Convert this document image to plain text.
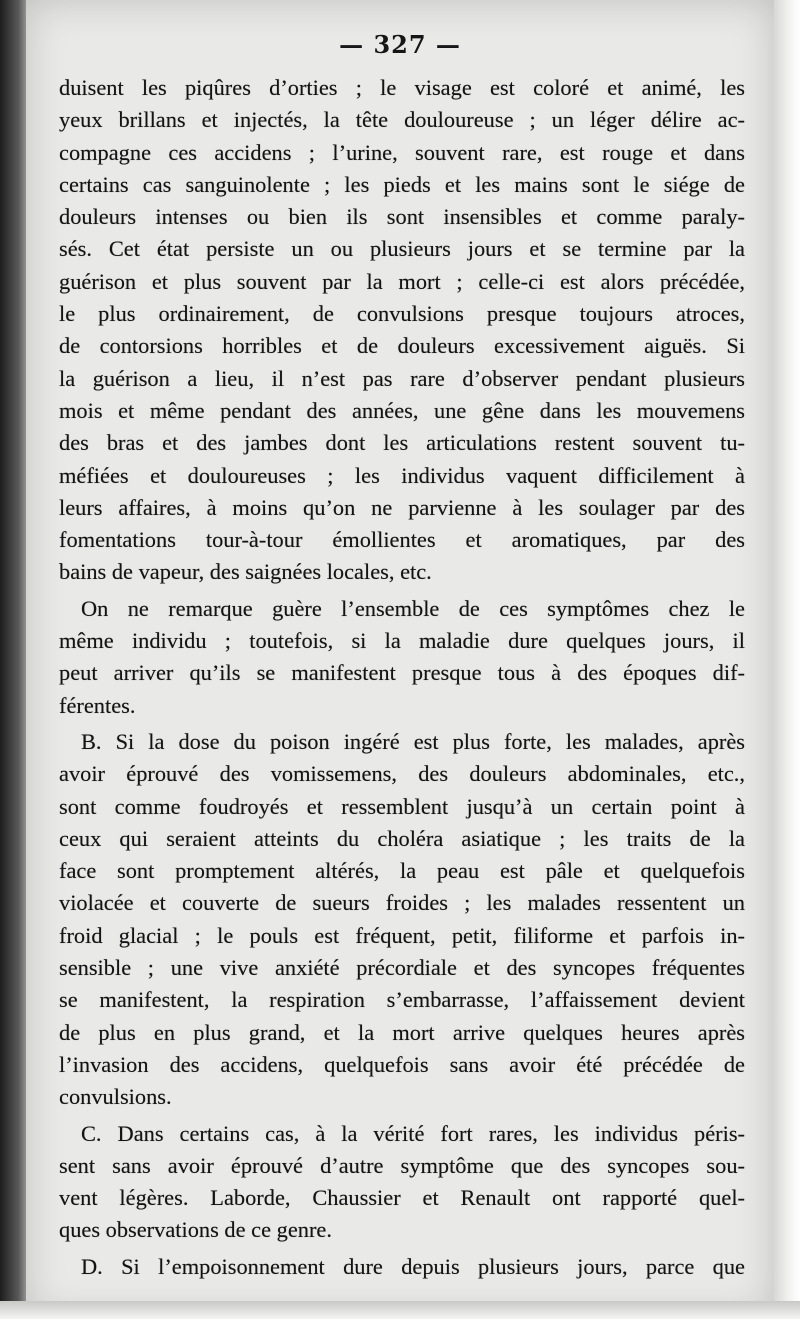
— 327 —
duisent les piqûres d’orties ; le visage est coloré et animé, les
yeux brillans et injectés, la tête douloureuse ; un léger délire ac-
compagne ces accidens ; l’urine, souvent rare, est rouge et dans
certains cas sanguinolente ; les pieds et les mains sont le siége de
douleurs intenses ou bien ils sont insensibles et comme paraly-
sés. Cet état persiste un ou plusieurs jours et se termine par la
guérison et plus souvent par la mort ; celle-ci est alors précédée,
le plus ordinairement, de convulsions presque toujours atroces,
de contorsions horribles et de douleurs excessivement aiguës. Si
la guérison a lieu, il n’est pas rare d’observer pendant plusieurs
mois et même pendant des années, une gêne dans les mouvemens
des bras et des jambes dont les articulations restent souvent tu-
méfiées et douloureuses ; les individus vaquent difficilement à
leurs affaires, à moins qu’on ne parvienne à les soulager par des
fomentations tour-à-tour émollientes et aromatiques, par des
bains de vapeur, des saignées locales, etc.
On ne remarque guère l’ensemble de ces symptômes chez le
même individu ; toutefois, si la maladie dure quelques jours, il
peut arriver qu’ils se manifestent presque tous à des époques dif-
férentes.
B. Si la dose du poison ingéré est plus forte, les malades, après
avoir éprouvé des vomissemens, des douleurs abdominales, etc.,
sont comme foudroyés et ressemblent jusqu’à un certain point à
ceux qui seraient atteints du choléra asiatique ; les traits de la
face sont promptement altérés, la peau est pâle et quelquefois
violacée et couverte de sueurs froides ; les malades ressentent un
froid glacial ; le pouls est fréquent, petit, filiforme et parfois in-
sensible ; une vive anxiété précordiale et des syncopes fréquentes
se manifestent, la respiration s’embarrasse, l’affaissement devient
de plus en plus grand, et la mort arrive quelques heures après
l’invasion des accidens, quelquefois sans avoir été précédée de
convulsions.
C. Dans certains cas, à la vérité fort rares, les individus péris-
sent sans avoir éprouvé d’autre symptôme que des syncopes sou-
vent légères. Laborde, Chaussier et Renault ont rapporté quel-
ques observations de ce genre.
D. Si l’empoisonnement dure depuis plusieurs jours, parce que
